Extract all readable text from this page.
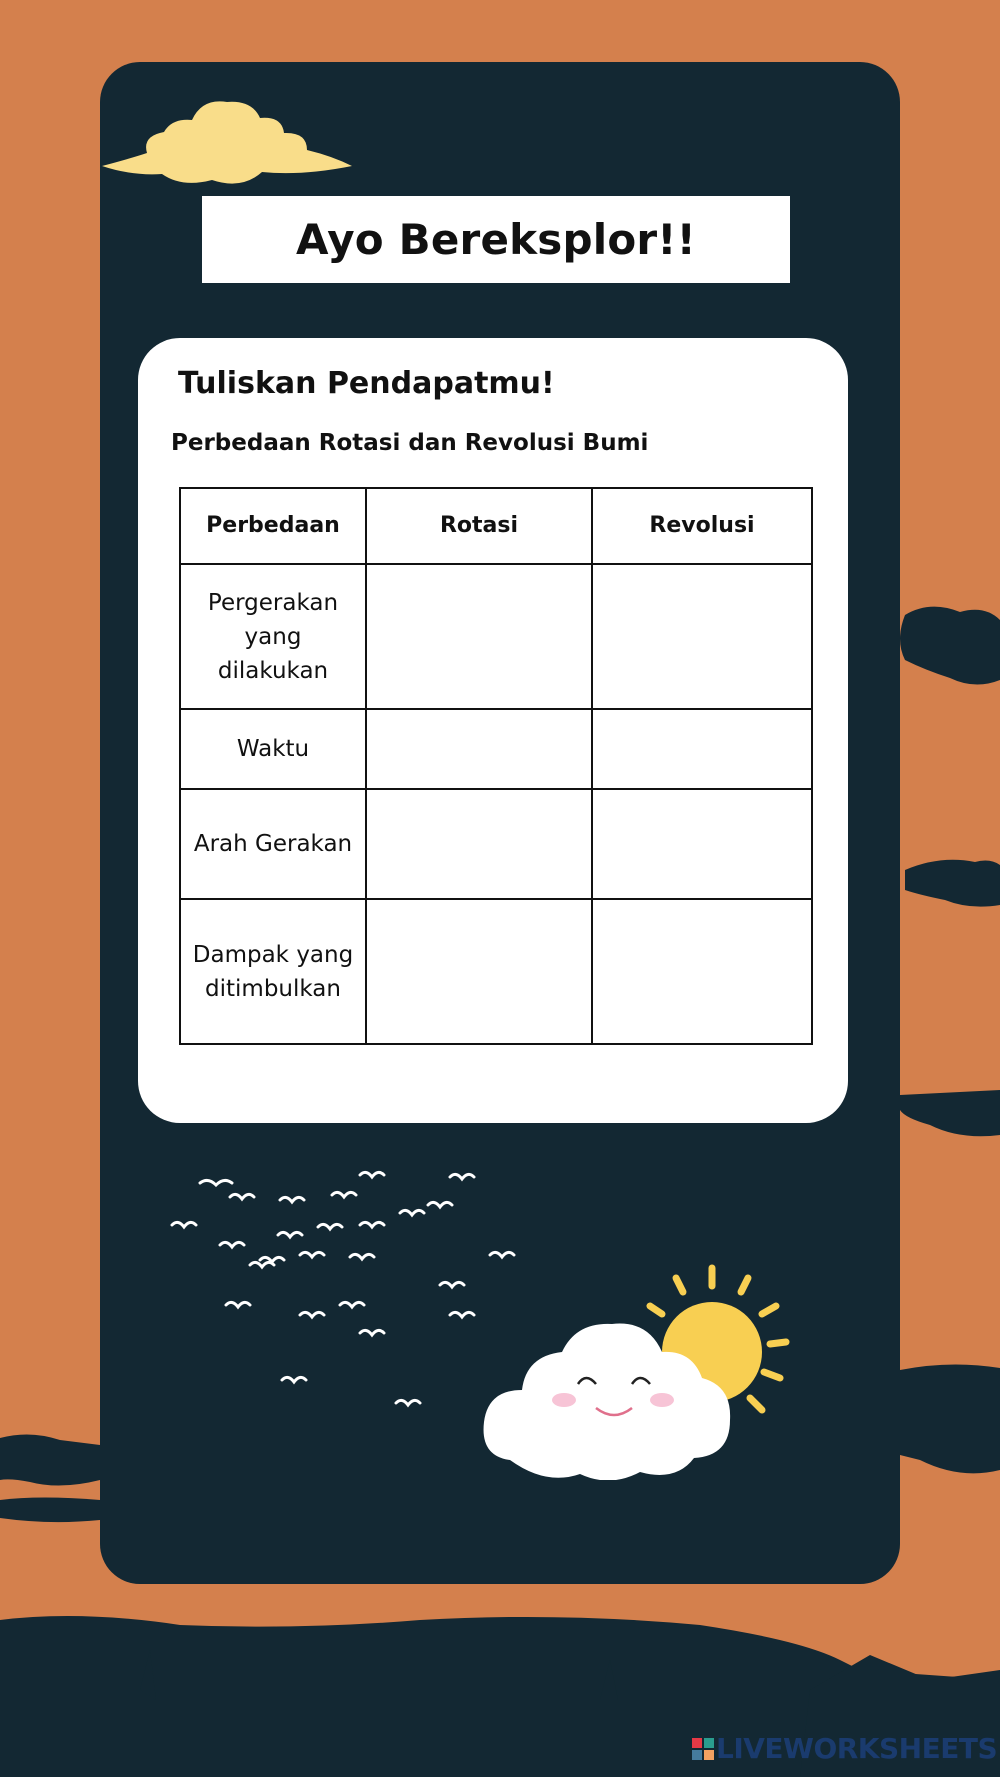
Ayo Bereksplor!!
Tuliskan Pendapatmu!
Perbedaan Rotasi dan Revolusi Bumi
Perbedaan	Rotasi	Revolusi
Pergerakan yang dilakukan		
Waktu		
Arah Gerakan		
Dampak yang ditimbulkan		
LIVEWORKSHEETS
